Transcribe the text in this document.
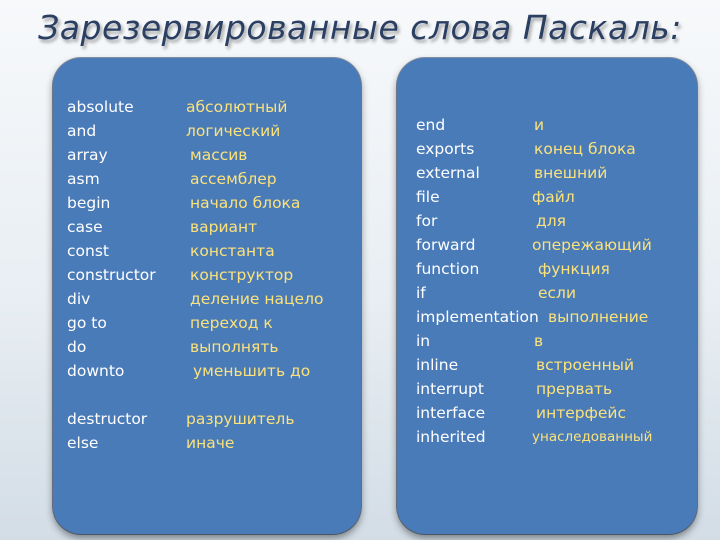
Зарезервированные слова Паскаль:
absolute	абсолютный
and	логический
array	массив
asm	ассемблер
begin	начало блока
case	вариант
const	константа
constructor конструктор
div	деление нацело
go to	переход к
do	выполнять
downto	уменьшить до
destructor	разрушитель
else	иначе
end	и
exports	конец блока
external	внешний
file	файл
for	для
forward	опережающий
function	функция
if	если
implementation выполнение
in	в
inline	встроенный
interrupt	прервать
interface	интерфейс
inherited	унаследованный
